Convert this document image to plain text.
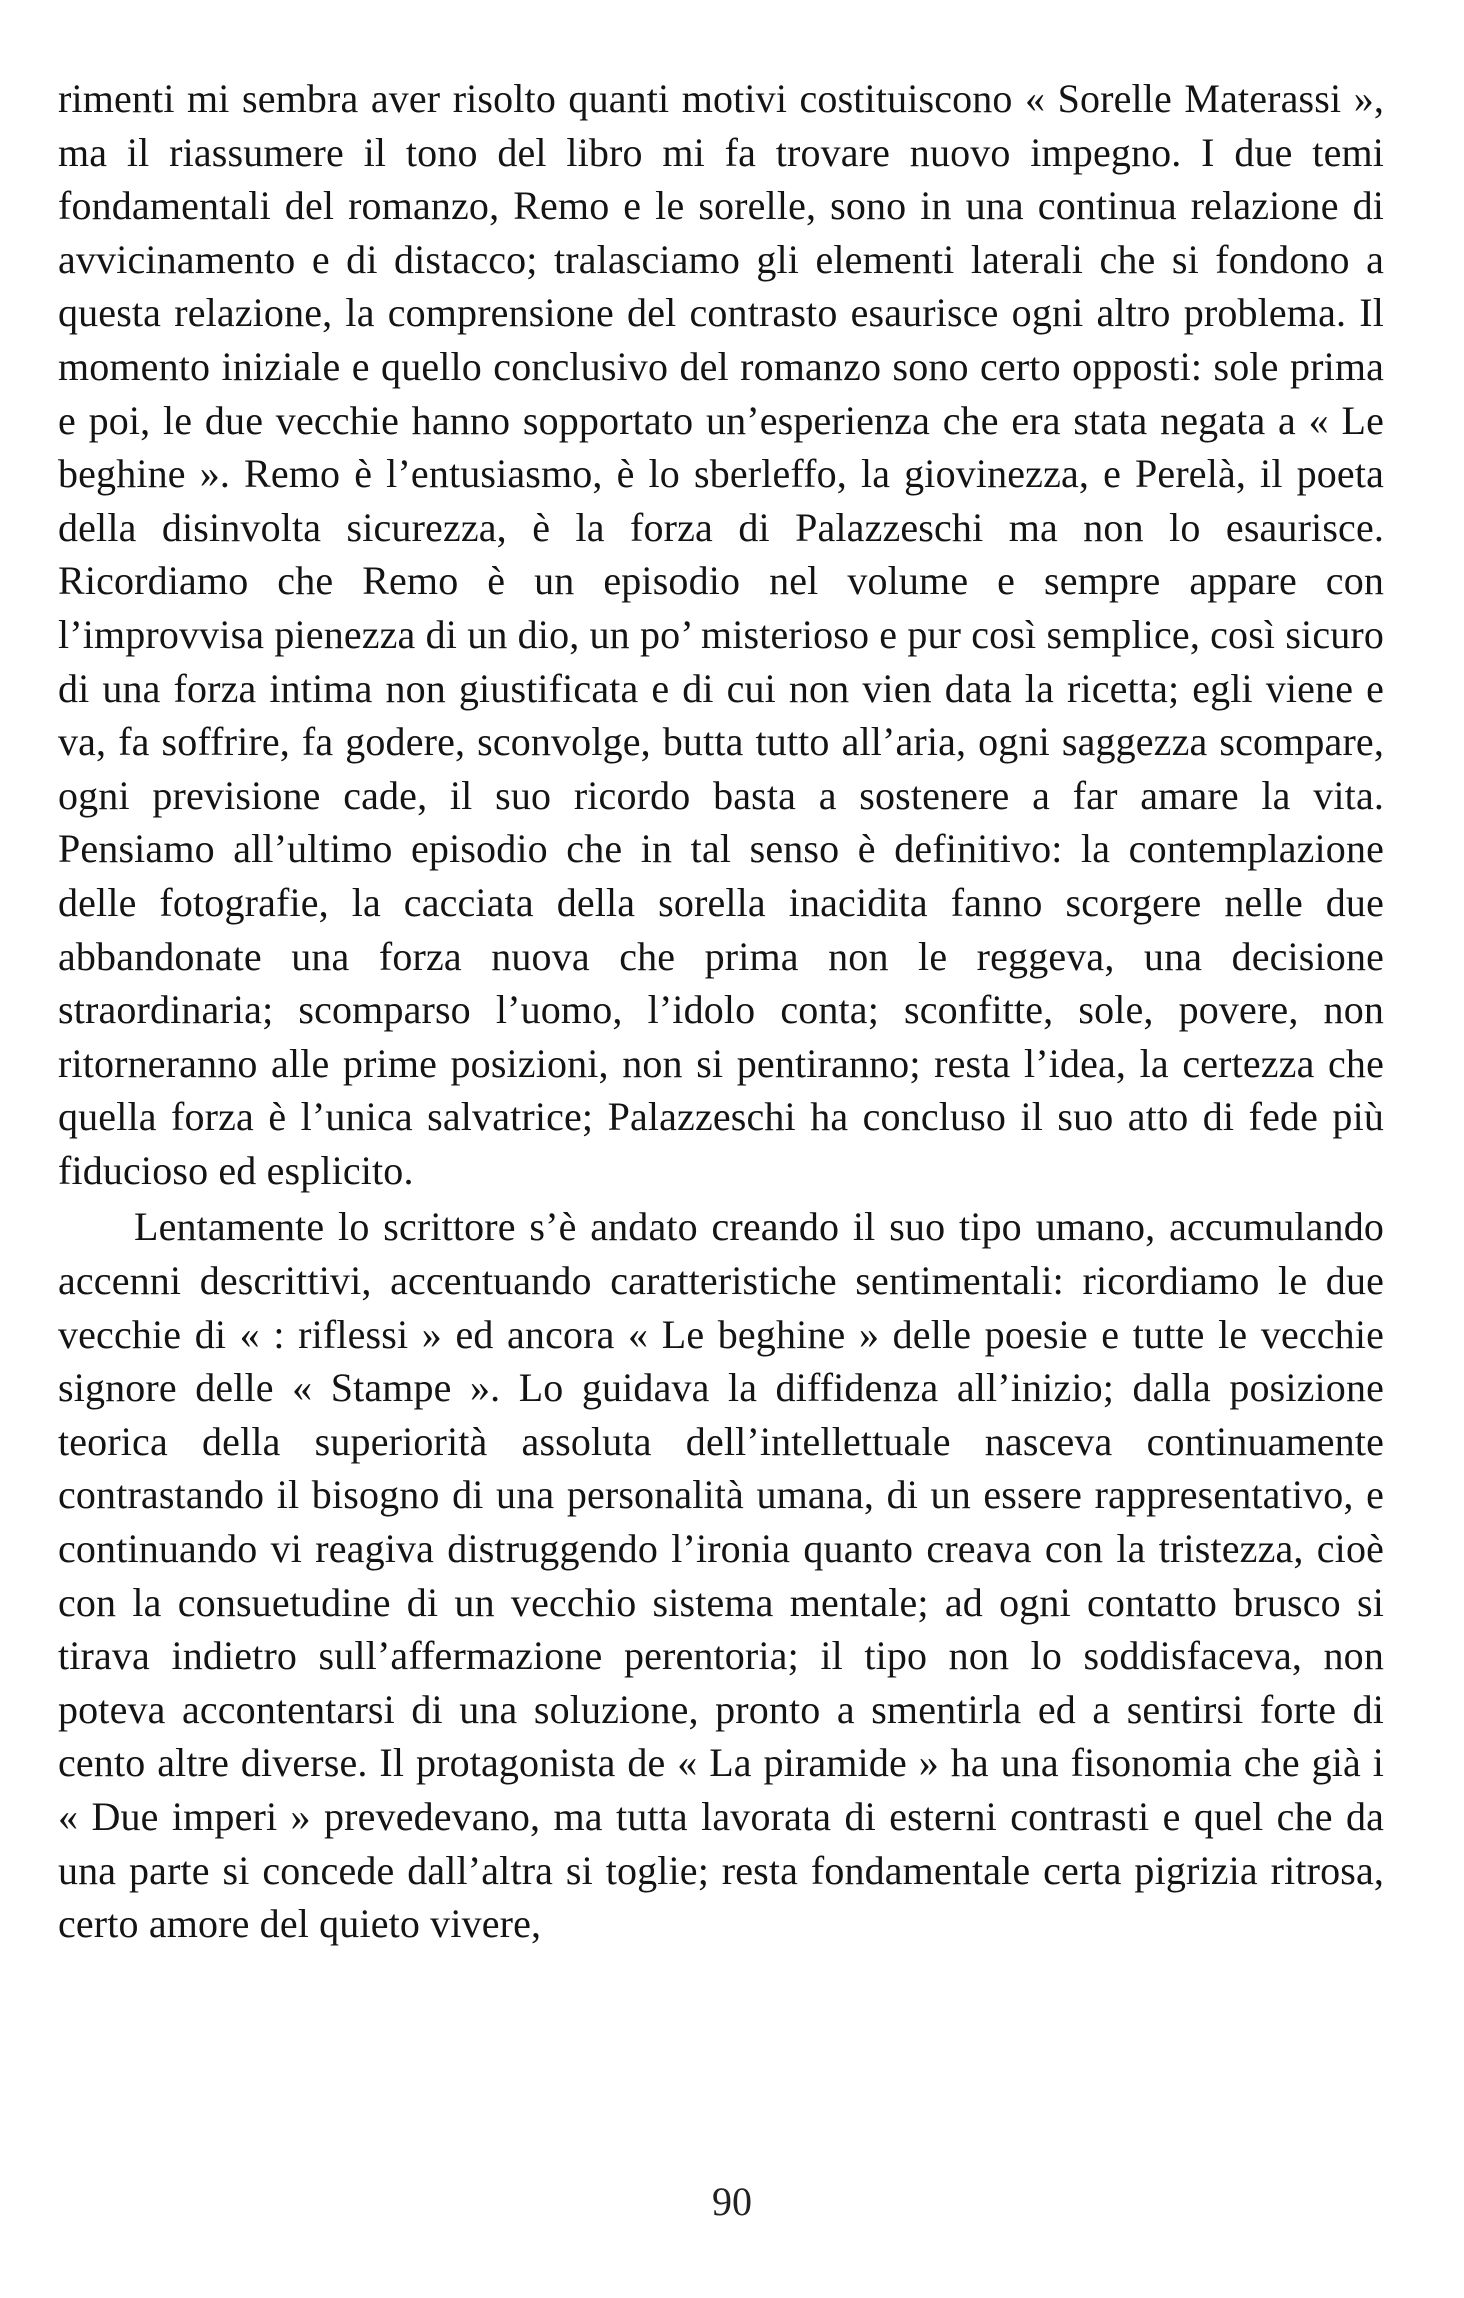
rimenti mi sembra aver risolto quanti motivi costituiscono « Sorelle Materassi », ma il riassumere il tono del libro mi fa trovare nuovo impegno. I due temi fondamentali del romanzo, Remo e le sorelle, sono in una continua relazione di avvicinamento e di distacco; tralasciamo gli elementi laterali che si fondono a questa relazione, la comprensione del contrasto esaurisce ogni altro problema. Il momento iniziale e quello conclusivo del romanzo sono certo opposti: sole prima e poi, le due vecchie hanno sopportato un’esperienza che era stata negata a « Le beghine ». Remo è l’entusiasmo, è lo sberleffo, la giovinezza, e Perelà, il poeta della disinvolta sicurezza, è la forza di Palazzeschi ma non lo esaurisce. Ricordiamo che Remo è un episodio nel volume e sempre appare con l’improvvisa pienezza di un dio, un po’ misterioso e pur così semplice, così sicuro di una forza intima non giustificata e di cui non vien data la ricetta; egli viene e va, fa soffrire, fa godere, sconvolge, butta tutto all’aria, ogni saggezza scompare, ogni previsione cade, il suo ricordo basta a sostenere a far amare la vita. Pensiamo all’ultimo episodio che in tal senso è definitivo: la contemplazione delle fotografie, la cacciata della sorella inacidita fanno scorgere nelle due abbandonate una forza nuova che prima non le reggeva, una decisione straordinaria; scomparso l’uomo, l’idolo conta; sconfitte, sole, povere, non ritorneranno alle prime posizioni, non si pentiranno; resta l’idea, la certezza che quella forza è l’unica salvatrice; Palazzeschi ha concluso il suo atto di fede più fiducioso ed esplicito.

Lentamente lo scrittore s’è andato creando il suo tipo umano, accumulando accenni descrittivi, accentuando caratteristiche sentimentali: ricordiamo le due vecchie di « : riflessi » ed ancora « Le beghine » delle poesie e tutte le vecchie signore delle « Stampe ». Lo guidava la diffidenza all’inizio; dalla posizione teorica della superiorità assoluta dell’intellettuale nasceva continuamente contrastando il bisogno di una personalità umana, di un essere rappresentativo, e continuando vi reagiva distruggendo l’ironia quanto creava con la tristezza, cioè con la consuetudine di un vecchio sistema mentale; ad ogni contatto brusco si tirava indietro sull’affermazione perentoria; il tipo non lo soddisfaceva, non poteva accontentarsi di una soluzione, pronto a smentirla ed a sentirsi forte di cento altre diverse. Il protagonista de « La piramide » ha una fisonomia che già i « Due imperi » prevedevano, ma tutta lavorata di esterni contrasti e quel che da una parte si concede dall’altra si toglie; resta fondamentale certa pigrizia ritrosa, certo amore del quieto vivere,

90
